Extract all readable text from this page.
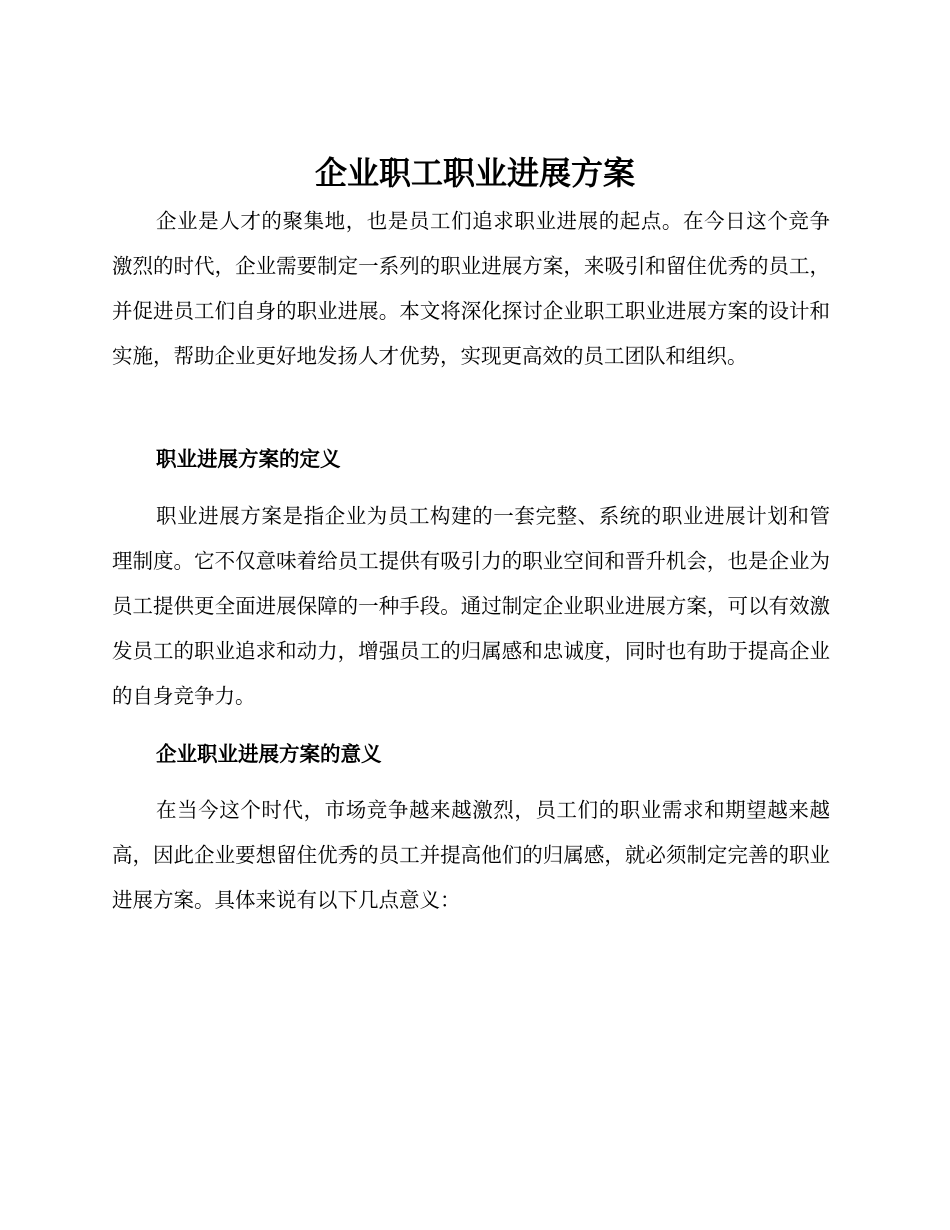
企业职工职业进展方案

企业是人才的聚集地，也是员工们追求职业进展的起点。在今日这个竞争激烈的时代，企业需要制定一系列的职业进展方案，来吸引和留住优秀的员工，并促进员工们自身的职业进展。本文将深化探讨企业职工职业进展方案的设计和实施，帮助企业更好地发扬人才优势，实现更高效的员工团队和组织。

职业进展方案的定义

职业进展方案是指企业为员工构建的一套完整、系统的职业进展计划和管理制度。它不仅意味着给员工提供有吸引力的职业空间和晋升机会，也是企业为员工提供更全面进展保障的一种手段。通过制定企业职业进展方案，可以有效激发员工的职业追求和动力，增强员工的归属感和忠诚度，同时也有助于提高企业的自身竞争力。

企业职业进展方案的意义

在当今这个时代，市场竞争越来越激烈，员工们的职业需求和期望越来越高，因此企业要想留住优秀的员工并提高他们的归属感，就必须制定完善的职业进展方案。具体来说有以下几点意义：
